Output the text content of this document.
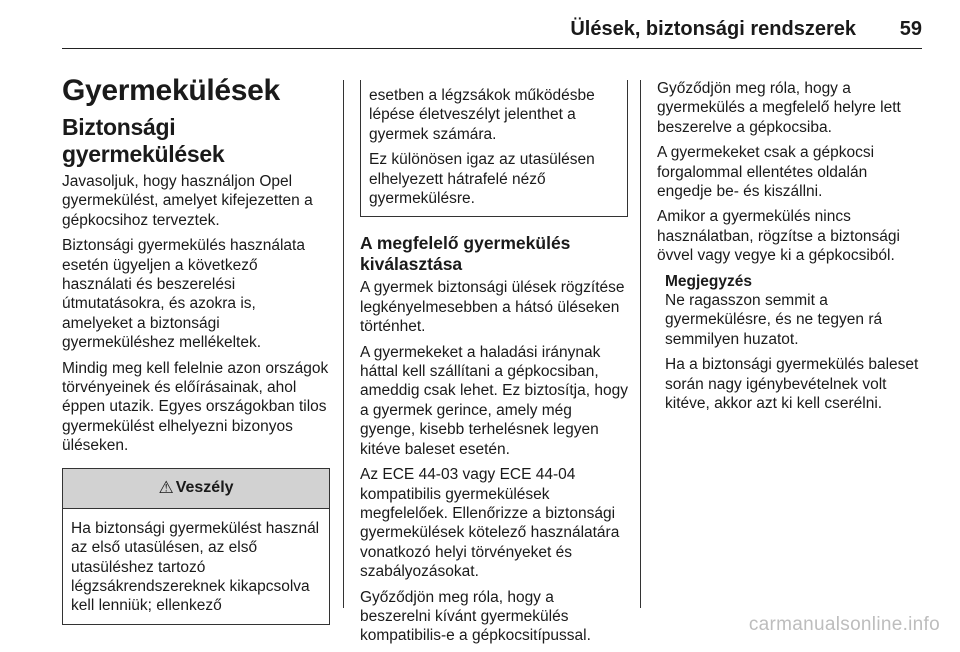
Ülések, biztonsági rendszerek 59
Gyermekülések
Biztonsági gyermekülések

Javasoljuk, hogy használjon Opel gyermekülést, amelyet kifejezetten a gépkocsihoz terveztek.

Biztonsági gyermekülés használata esetén ügyeljen a következő használati és beszerelési útmutatásokra, és azokra is, amelyeket a biztonsági gyermeküléshez mellékeltek.

Mindig meg kell felelnie azon országok törvényeinek és előírásainak, ahol éppen utazik. Egyes országokban tilos gyermekülést elhelyezni bizonyos üléseken.

⚠ Veszély
Ha biztonsági gyermekülést használ az első utasülésen, az első utasüléshez tartozó légzsákrendszereknek kikapcsolva kell lenniük; ellenkező

esetben a légzsákok működésbe lépése életveszélyt jelenthet a gyermek számára.

Ez különösen igaz az utasülésen elhelyezett hátrafelé néző gyermekülésre.

A megfelelő gyermekülés kiválasztása

A gyermek biztonsági ülések rögzítése legkényelmesebben a hátsó üléseken történhet.

A gyermekeket a haladási iránynak háttal kell szállítani a gépkocsiban, ameddig csak lehet. Ez biztosítja, hogy a gyermek gerince, amely még gyenge, kisebb terhelésnek legyen kitéve baleset esetén.

Az ECE 44-03 vagy ECE 44-04 kompatibilis gyermekülések megfelelőek. Ellenőrizze a biztonsági gyermekülések kötelező használatára vonatkozó helyi törvényeket és szabályozásokat.

Győződjön meg róla, hogy a beszerelni kívánt gyermekülés kompatibilis-e a gépkocsitípussal.

Győződjön meg róla, hogy a gyermekülés a megfelelő helyre lett beszerelve a gépkocsiba.

A gyermekeket csak a gépkocsi forgalommal ellentétes oldalán engedje be- és kiszállni.

Amikor a gyermekülés nincs használatban, rögzítse a biztonsági övvel vagy vegye ki a gépkocsiból.

Megjegyzés

Ne ragasszon semmit a gyermekülésre, és ne tegyen rá semmilyen huzatot.

Ha a biztonsági gyermekülés baleset során nagy igénybevételnek volt kitéve, akkor azt ki kell cserélni.

carmanualsonline.info
